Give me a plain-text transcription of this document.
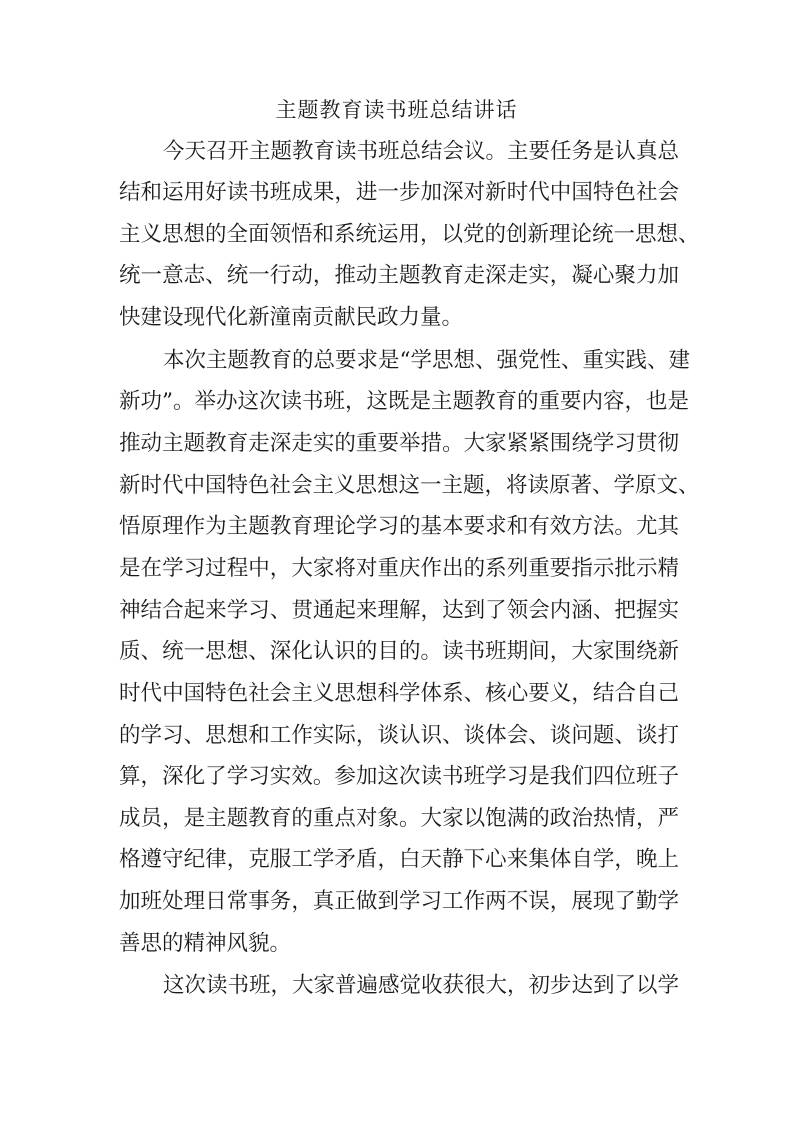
主题教育读书班总结讲话
今天召开主题教育读书班总结会议。主要任务是认真总
结和运用好读书班成果，进一步加深对新时代中国特色社会
主义思想的全面领悟和系统运用，以党的创新理论统一思想、
统一意志、统一行动，推动主题教育走深走实，凝心聚力加
快建设现代化新潼南贡献民政力量。
本次主题教育的总要求是“学思想、强党性、重实践、建
新功”。举办这次读书班，这既是主题教育的重要内容，也是
推动主题教育走深走实的重要举措。大家紧紧围绕学习贯彻
新时代中国特色社会主义思想这一主题，将读原著、学原文、
悟原理作为主题教育理论学习的基本要求和有效方法。尤其
是在学习过程中，大家将对重庆作出的系列重要指示批示精
神结合起来学习、贯通起来理解，达到了领会内涵、把握实
质、统一思想、深化认识的目的。读书班期间，大家围绕新
时代中国特色社会主义思想科学体系、核心要义，结合自己
的学习、思想和工作实际，谈认识、谈体会、谈问题、谈打
算，深化了学习实效。参加这次读书班学习是我们四位班子
成员，是主题教育的重点对象。大家以饱满的政治热情，严
格遵守纪律，克服工学矛盾，白天静下心来集体自学，晚上
加班处理日常事务，真正做到学习工作两不误，展现了勤学
善思的精神风貌。
这次读书班，大家普遍感觉收获很大，初步达到了以学
